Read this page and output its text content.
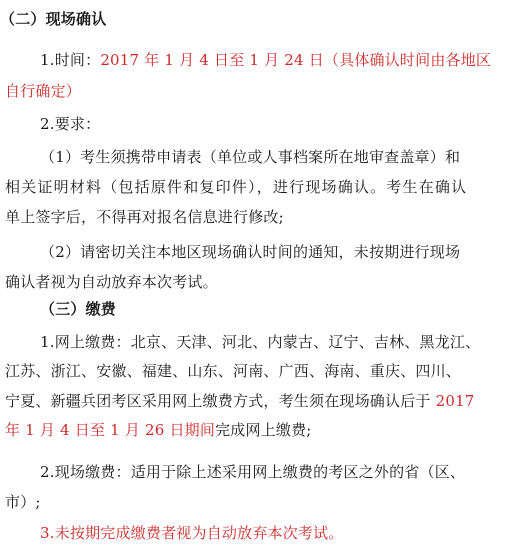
（二）现场确认
1.时间：2017 年 1 月 4 日至 1 月 24 日（具体确认时间由各地区
自行确定）
2.要求：
（1）考生须携带申请表（单位或人事档案所在地审查盖章）和
相关证明材料（包括原件和复印件），进行现场确认。考生在确认
单上签字后，不得再对报名信息进行修改;
（2）请密切关注本地区现场确认时间的通知，未按期进行现场
确认者视为自动放弃本次考试。
（三）缴费
1.网上缴费：北京、天津、河北、内蒙古、辽宁、吉林、黑龙江、
江苏、浙江、安徽、福建、山东、河南、广西、海南、重庆、四川、
宁夏、新疆兵团考区采用网上缴费方式，考生须在现场确认后于 2017
年 1 月 4 日至 1 月 26 日期间完成网上缴费;
2.现场缴费：适用于除上述采用网上缴费的考区之外的省（区、
市）;
3.未按期完成缴费者视为自动放弃本次考试。
